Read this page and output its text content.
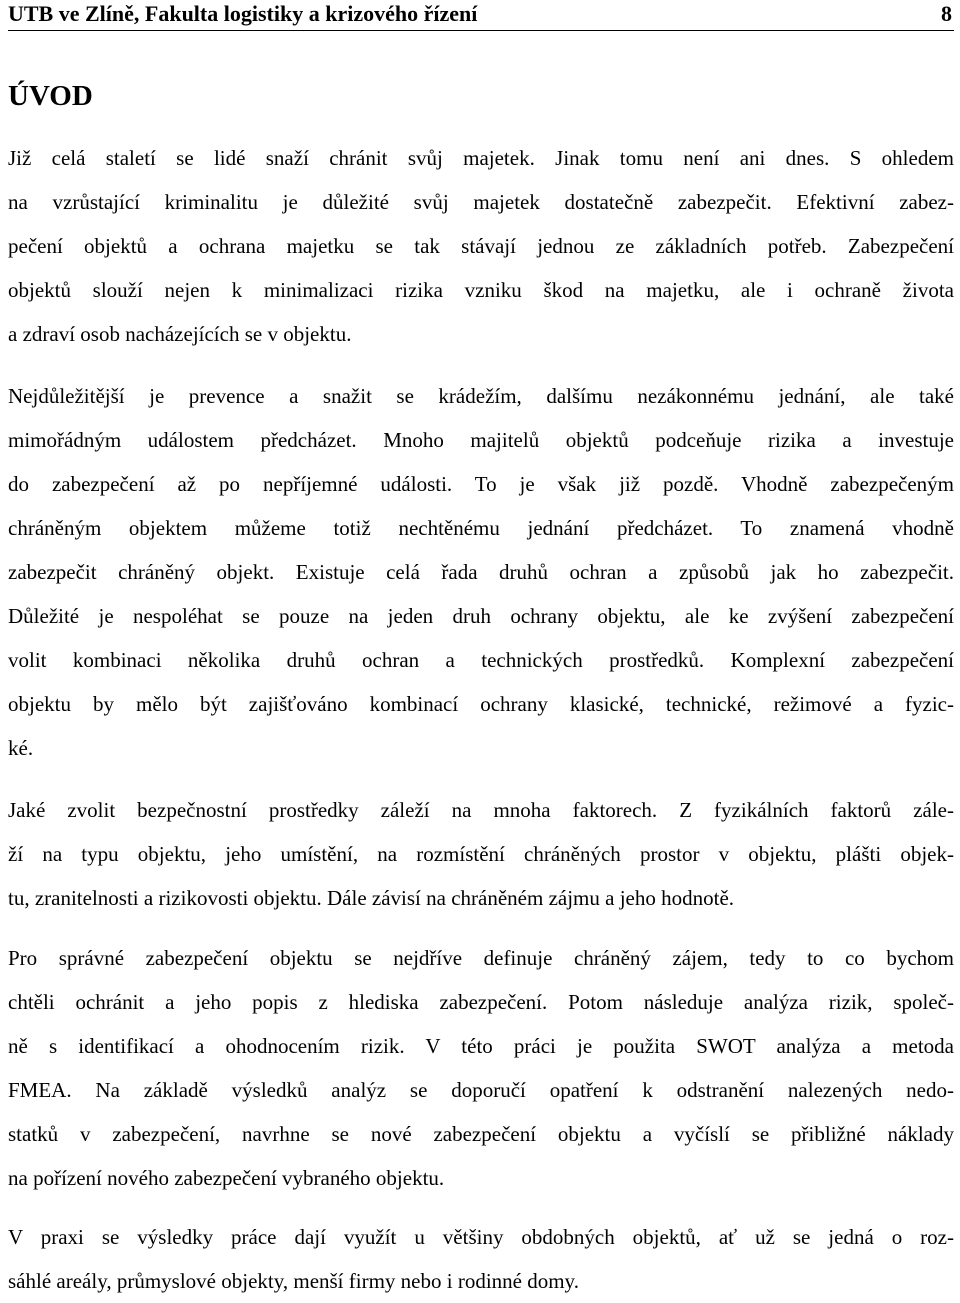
UTB ve Zlíně, Fakulta logistiky a krizového řízení	8
ÚVOD
Již celá staletí se lidé snaží chránit svůj majetek. Jinak tomu není ani dnes. S ohledem
na vzrůstající kriminalitu je důležité svůj majetek dostatečně zabezpečit. Efektivní zabez-
pečení objektů a ochrana majetku se tak stávají jednou ze základních potřeb. Zabezpečení
objektů slouží nejen k minimalizaci rizika vzniku škod na majetku, ale i ochraně života
a zdraví osob nacházejících se v objektu.
Nejdůležitější je prevence a snažit se krádežím, dalšímu nezákonnému jednání, ale také
mimořádným událostem předcházet. Mnoho majitelů objektů podceňuje rizika a investuje
do zabezpečení až po nepříjemné události. To je však již pozdě. Vhodně zabezpečeným
chráněným objektem můžeme totiž nechtěnému jednání předcházet. To znamená vhodně
zabezpečit chráněný objekt. Existuje celá řada druhů ochran a způsobů jak ho zabezpečit.
Důležité je nespoléhat se pouze na jeden druh ochrany objektu, ale ke zvýšení zabezpečení
volit kombinaci několika druhů ochran a technických prostředků. Komplexní zabezpečení
objektu by mělo být zajišťováno kombinací ochrany klasické, technické, režimové a fyzic-
ké.
Jaké zvolit bezpečnostní prostředky záleží na mnoha faktorech. Z fyzikálních faktorů zále-
ží na typu objektu, jeho umístění, na rozmístění chráněných prostor v objektu, plášti objek-
tu, zranitelnosti a rizikovosti objektu. Dále závisí na chráněném zájmu a jeho hodnotě.
Pro správné zabezpečení objektu se nejdříve definuje chráněný zájem, tedy to co bychom
chtěli ochránit a jeho popis z hlediska zabezpečení. Potom následuje analýza rizik, společ-
ně s identifikací a ohodnocením rizik. V této práci je použita SWOT analýza a metoda
FMEA. Na základě výsledků analýz se doporučí opatření k odstranění nalezených nedo-
statků v zabezpečení, navrhne se nové zabezpečení objektu a vyčíslí se přibližné náklady
na pořízení nového zabezpečení vybraného objektu.
V praxi se výsledky práce dají využít u většiny obdobných objektů, ať už se jedná o roz-
sáhlé areály, průmyslové objekty, menší firmy nebo i rodinné domy.
